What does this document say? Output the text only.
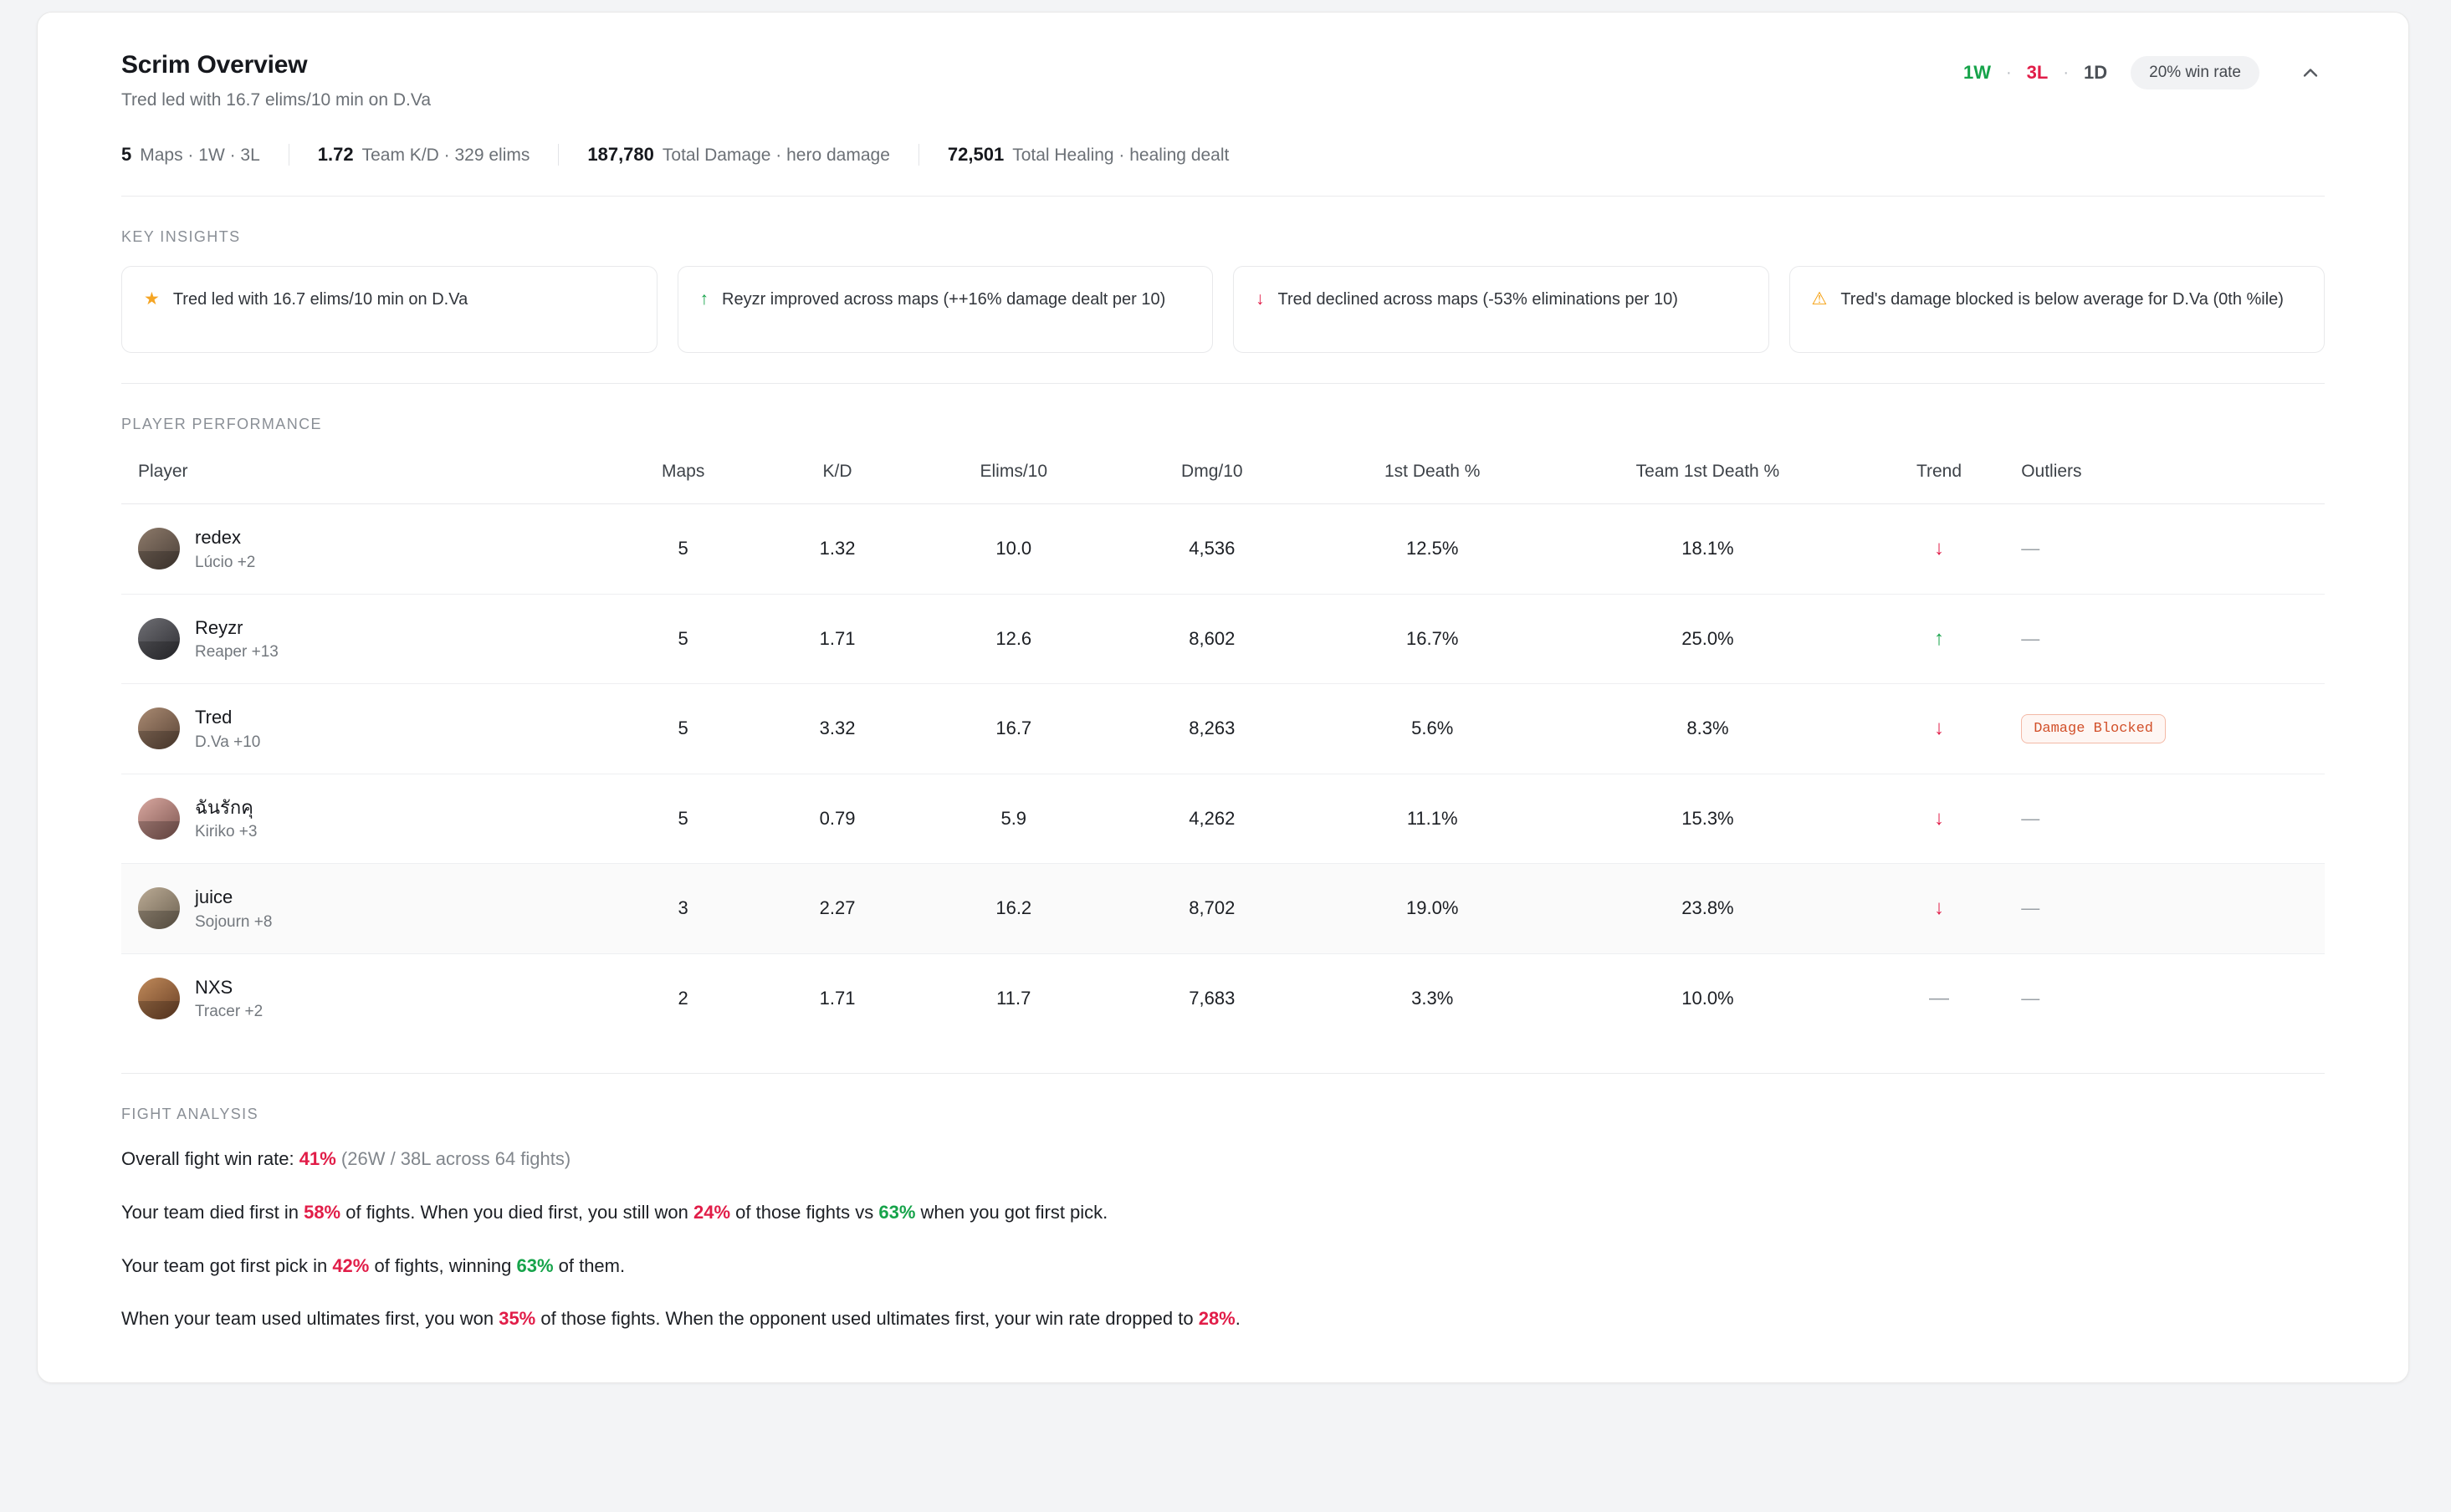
Scrim Overview
Tred led with 16.7 elims/10 min on D.Va
1W · 3L · 1D	20% win rate
5 Maps · 1W · 3L	1.72 Team K/D · 329 elims	187,780 Total Damage · hero damage	72,501 Total Healing · healing dealt
KEY INSIGHTS
★ Tred led with 16.7 elims/10 min on D.Va	↑ Reyzr improved across maps (++16% damage dealt per 10)	↓ Tred declined across maps (-53% eliminations per 10)	⚠ Tred's damage blocked is below average for D.Va (0th %ile)
PLAYER PERFORMANCE
Player	Maps	K/D	Elims/10	Dmg/10	1st Death %	Team 1st Death %	Trend	Outliers

redex
Lúcio +2	5	1.32	10.0	4,536	12.5%	18.1%	↓	—

Reyzr
Reaper +13	5	1.71	12.6	8,602	16.7%	25.0%	↑	—

Tred
D.Va +10	5	3.32	16.7	8,263	5.6%	8.3%	↓	Damage Blocked

ฉันรักคุ
Kiriko +3	5	0.79	5.9	4,262	11.1%	15.3%	↓	—

juice
Sojourn +8	3	2.27	16.2	8,702	19.0%	23.8%	↓	—

NXS
Tracer +2	2	1.71	11.7	7,683	3.3%	10.0%	—	—
FIGHT ANALYSIS
Overall fight win rate: 41% (26W / 38L across 64 fights)
Your team died first in 58% of fights. When you died first, you still won 24% of those fights vs 63% when you got first pick.
Your team got first pick in 42% of fights, winning 63% of them.
When your team used ultimates first, you won 35% of those fights. When the opponent used ultimates first, your win rate dropped to 28%.
